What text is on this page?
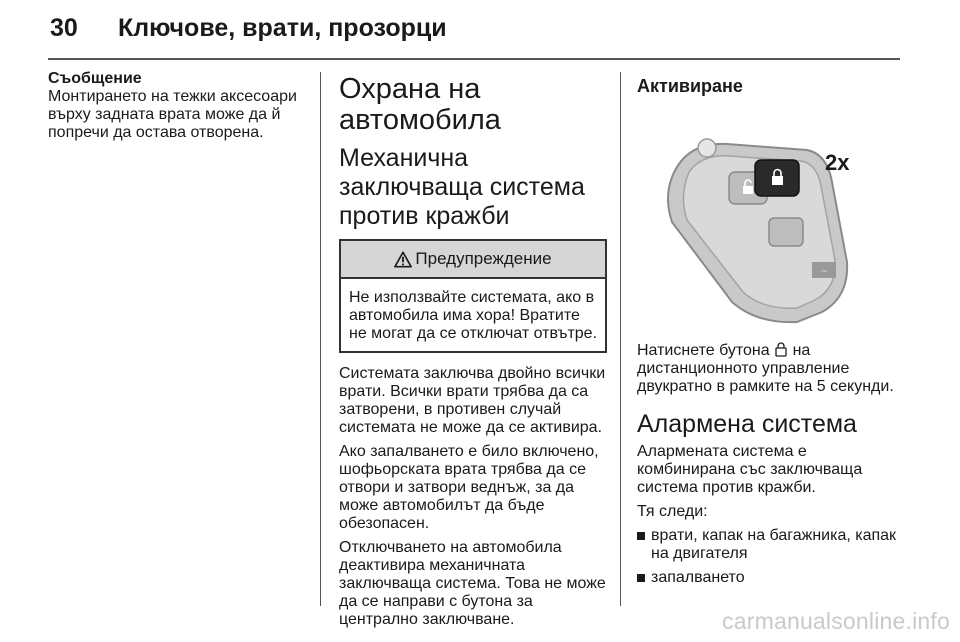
30 Ключове, врати, прозорци
Съобщение

Монтирането на тежки аксесоари върху задната врата може да й попречи да остава отворена.

Охрана на автомобила
Механична заключваща система против кражби
Предупреждение
Не използвайте системата, ако в автомобила има хора! Вратите не могат да се отключат отвътре.

Системата заключва двойно всички врати. Всички врати трябва да са затворени, в противен случай системата не може да се активира.

Ако запалването е било включено, шофьорската врата трябва да се отвори и затвори веднъж, за да може автомобилът да бъде обезопасен.

Отключването на автомобила деактивира механичната заключваща система. Това не може да се направи с бутона за централно заключване.

Активиране
~
2x

Натиснете бутона на дистанционното управление двукратно в рамките на 5 секунди.

Алармена система

Алармената система е комбинирана със заключваща система против кражби.

Тя следи:

врати, капак на багажника, капак на двигателя
запалването
carmanualsonline.info
